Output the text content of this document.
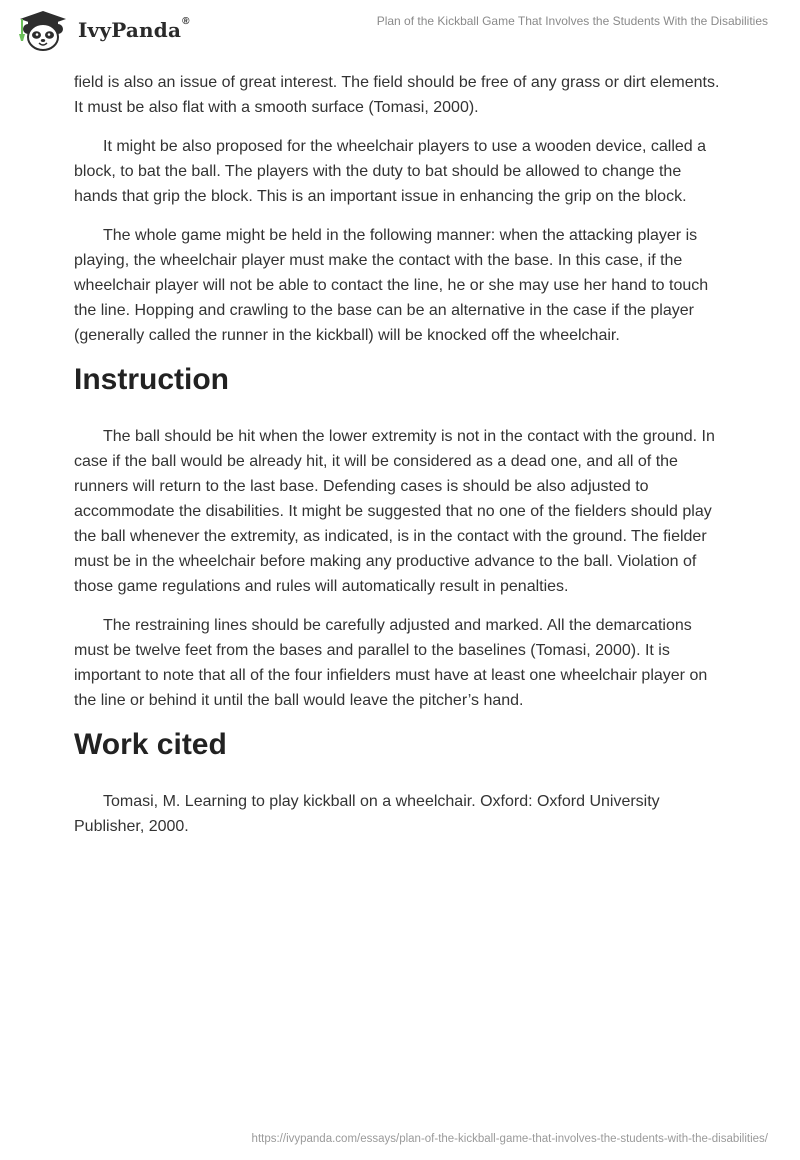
IvyPanda®	Plan of the Kickball Game That Involves the Students With the Disabilities

field is also an issue of great interest. The field should be free of any grass or dirt elements. It must be also flat with a smooth surface (Tomasi, 2000).

It might be also proposed for the wheelchair players to use a wooden device, called a block, to bat the ball. The players with the duty to bat should be allowed to change the hands that grip the block. This is an important issue in enhancing the grip on the block.

The whole game might be held in the following manner: when the attacking player is playing, the wheelchair player must make the contact with the base. In this case, if the wheelchair player will not be able to contact the line, he or she may use her hand to touch the line. Hopping and crawling to the base can be an alternative in the case if the player (generally called the runner in the kickball) will be knocked off the wheelchair.

Instruction

The ball should be hit when the lower extremity is not in the contact with the ground. In case if the ball would be already hit, it will be considered as a dead one, and all of the runners will return to the last base. Defending cases is should be also adjusted to accommodate the disabilities. It might be suggested that no one of the fielders should play the ball whenever the extremity, as indicated, is in the contact with the ground. The fielder must be in the wheelchair before making any productive advance to the ball. Violation of those game regulations and rules will automatically result in penalties.

The restraining lines should be carefully adjusted and marked. All the demarcations must be twelve feet from the bases and parallel to the baselines (Tomasi, 2000). It is important to note that all of the four infielders must have at least one wheelchair player on the line or behind it until the ball would leave the pitcher’s hand.

Work cited

Tomasi, M. Learning to play kickball on a wheelchair. Oxford: Oxford University Publisher, 2000.

https://ivypanda.com/essays/plan-of-the-kickball-game-that-involves-the-students-with-the-disabilities/
